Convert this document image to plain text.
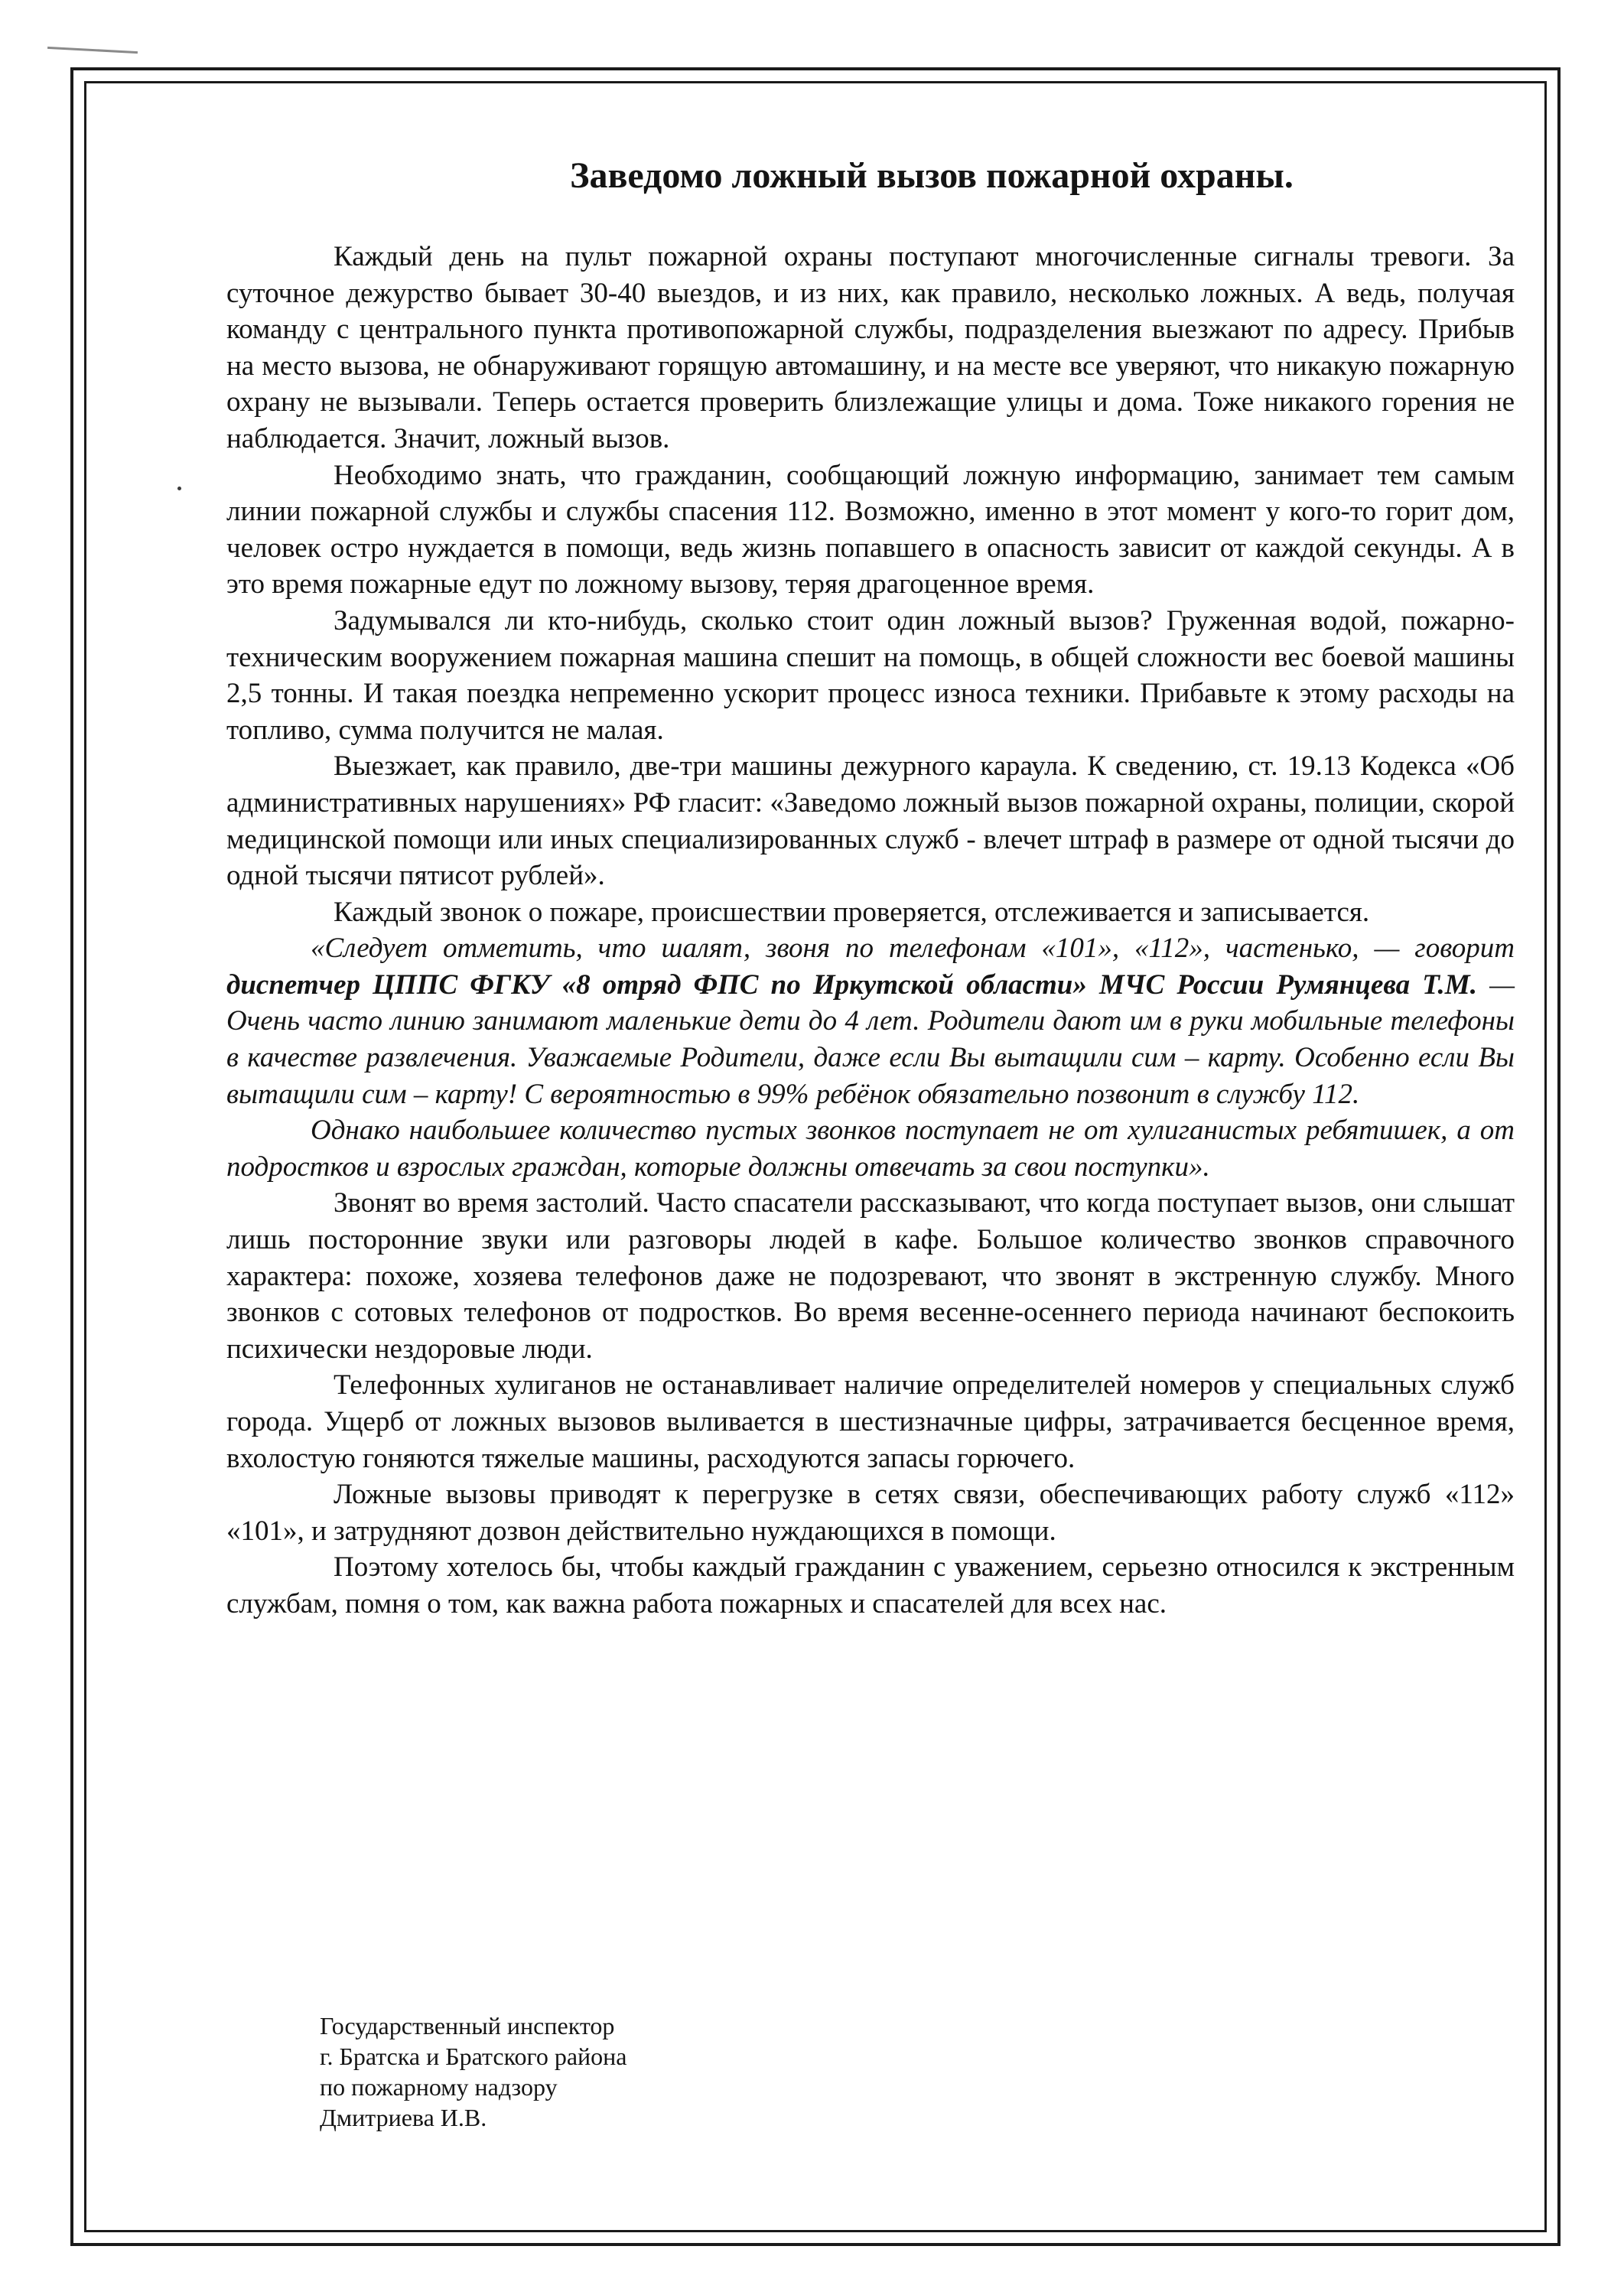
Заведомо ложный вызов пожарной охраны.

Каждый день на пульт пожарной охраны поступают многочисленные сигналы тревоги. За суточное дежурство бывает 30-40 выездов, и из них, как правило, несколько ложных. А ведь, получая команду с центрального пункта противопожарной службы, подразделения выезжают по адресу. Прибыв на место вызова, не обнаруживают горящую автомашину, и на месте все уверяют, что никакую пожарную охрану не вызывали. Теперь остается проверить близлежащие улицы и дома. Тоже никакого горения не наблюдается. Значит, ложный вызов.

Необходимо знать, что гражданин, сообщающий ложную информацию, занимает тем самым линии пожарной службы и службы спасения 112. Возможно, именно в этот момент у кого-то горит дом, человек остро нуждается в помощи, ведь жизнь попавшего в опасность зависит от каждой секунды. А в это время пожарные едут по ложному вызову, теряя драгоценное время.

Задумывался ли кто-нибудь, сколько стоит один ложный вызов? Груженная водой, пожарно-техническим вооружением пожарная машина спешит на помощь, в общей сложности вес боевой машины 2,5 тонны. И такая поездка непременно ускорит процесс износа техники. Прибавьте к этому расходы на топливо, сумма получится не малая.

Выезжает, как правило, две-три машины дежурного караула. К сведению, ст. 19.13 Кодекса «Об административных нарушениях» РФ гласит: «Заведомо ложный вызов пожарной охраны, полиции, скорой медицинской помощи или иных специализированных служб - влечет штраф в размере от одной тысячи до одной тысячи пятисот рублей».

Каждый звонок о пожаре, происшествии проверяется, отслеживается и записывается.

«Следует отметить, что шалят, звоня по телефонам «101», «112», частенько, — говорит диспетчер ЦППС ФГКУ «8 отряд ФПС по Иркутской области» МЧС России Румянцева Т.М. — Очень часто линию занимают маленькие дети до 4 лет. Родители дают им в руки мобильные телефоны в качестве развлечения. Уважаемые Родители, даже если Вы вытащили сим – карту. Особенно если Вы вытащили сим – карту! С вероятностью в 99% ребёнок обязательно позвонит в службу 112.

Однако наибольшее количество пустых звонков поступает не от хулиганистых ребятишек, а от подростков и взрослых граждан, которые должны отвечать за свои поступки».

Звонят во время застолий. Часто спасатели рассказывают, что когда поступает вызов, они слышат лишь посторонние звуки или разговоры людей в кафе. Большое количество звонков справочного характера: похоже, хозяева телефонов даже не подозревают, что звонят в экстренную службу. Много звонков с сотовых телефонов от подростков. Во время весенне-осеннего периода начинают беспокоить психически нездоровые люди.

Телефонных хулиганов не останавливает наличие определителей номеров у специальных служб города. Ущерб от ложных вызовов выливается в шестизначные цифры, затрачивается бесценное время, вхолостую гоняются тяжелые машины, расходуются запасы горючего.

Ложные вызовы приводят к перегрузке в сетях связи, обеспечивающих работу служб «112» «101», и затрудняют дозвон действительно нуждающихся в помощи.

Поэтому хотелось бы, чтобы каждый гражданин с уважением, серьезно относился к экстренным службам, помня о том, как важна работа пожарных и спасателей для всех нас.

Государственный инспектор
г. Братска и Братского района
по пожарному надзору
Дмитриева И.В.
